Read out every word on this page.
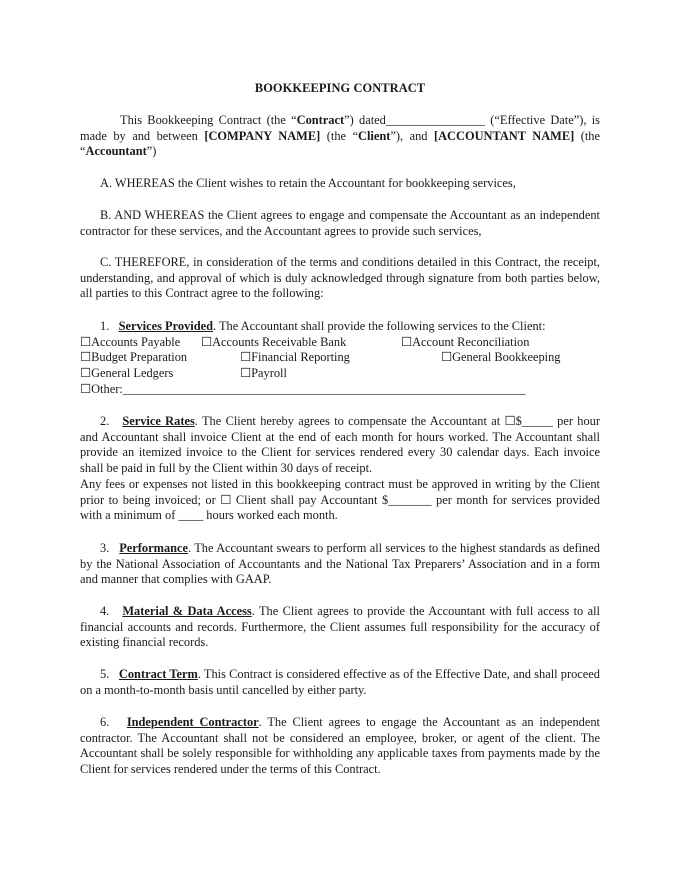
BOOKKEEPING CONTRACT

This Bookkeeping Contract (the “Contract”) dated________________ (“Effective Date”), is made by and between [COMPANY NAME] (the “Client”), and [ACCOUNTANT NAME] (the “Accountant”)

A. WHEREAS the Client wishes to retain the Accountant for bookkeeping services,

B. AND WHEREAS the Client agrees to engage and compensate the Accountant as an independent contractor for these services, and the Accountant agrees to provide such services,

C. THEREFORE, in consideration of the terms and conditions detailed in this Contract, the receipt, understanding, and approval of which is duly acknowledged through signature from both parties below, all parties to this Contract agree to the following:

1. Services Provided. The Accountant shall provide the following services to the Client:

☐Accounts Payable ☐Accounts Receivable Bank	☐Account Reconciliation
☐Budget Preparation	☐Financial Reporting	☐General Bookkeeping
☐General Ledgers	☐Payroll
☐Other:_________________________________________________________________

2. Service Rates. The Client hereby agrees to compensate the Accountant at ☐$_____ per hour and Accountant shall invoice Client at the end of each month for hours worked. The Accountant shall provide an itemized invoice to the Client for services rendered every 30 calendar days. Each invoice shall be paid in full by the Client within 30 days of receipt.

Any fees or expenses not listed in this bookkeeping contract must be approved in writing by the Client prior to being invoiced; or ☐ Client shall pay Accountant $_______ per month for services provided with a minimum of ____ hours worked each month.

3. Performance. The Accountant swears to perform all services to the highest standards as defined by the National Association of Accountants and the National Tax Preparers’ Association and in a form and manner that complies with GAAP.

4. Material & Data Access. The Client agrees to provide the Accountant with full access to all financial accounts and records. Furthermore, the Client assumes full responsibility for the accuracy of existing financial records.

5. Contract Term. This Contract is considered effective as of the Effective Date, and shall proceed on a month-to-month basis until cancelled by either party.

6. Independent Contractor. The Client agrees to engage the Accountant as an independent contractor. The Accountant shall not be considered an employee, broker, or agent of the client. The Accountant shall be solely responsible for withholding any applicable taxes from payments made by the Client for services rendered under the terms of this Contract.
